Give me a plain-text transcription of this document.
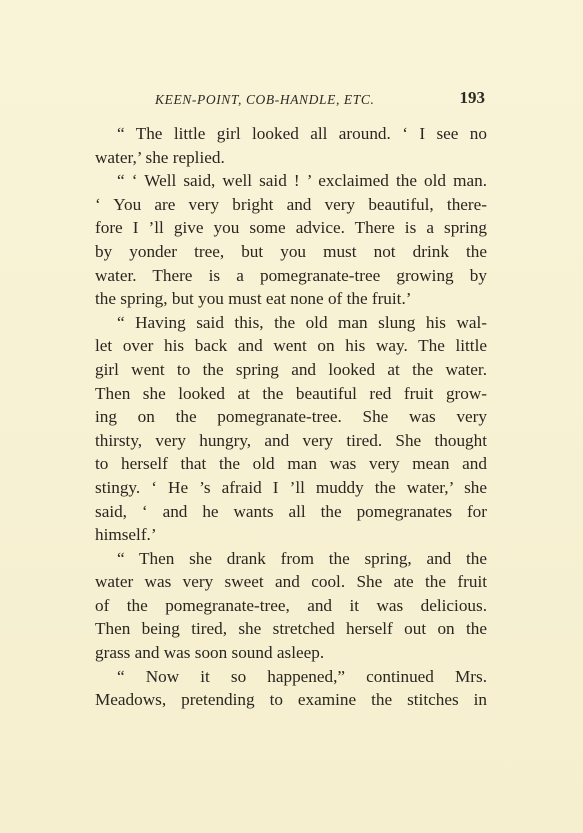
KEEN-POINT, COB-HANDLE, ETC.	193
“ The little girl looked all around. ‘ I see no
water,’ she replied.
“ ‘ Well said, well said ! ’ exclaimed the old man.
‘ You are very bright and very beautiful, there-
fore I ’ll give you some advice. There is a spring
by yonder tree, but you must not drink the
water. There is a pomegranate-tree growing by
the spring, but you must eat none of the fruit.’
“ Having said this, the old man slung his wal-
let over his back and went on his way. The little
girl went to the spring and looked at the water.
Then she looked at the beautiful red fruit grow-
ing on the pomegranate-tree. She was very
thirsty, very hungry, and very tired. She thought
to herself that the old man was very mean and
stingy. ‘ He ’s afraid I ’ll muddy the water,’ she
said, ‘ and he wants all the pomegranates for
himself.’
“ Then she drank from the spring, and the
water was very sweet and cool. She ate the fruit
of the pomegranate-tree, and it was delicious.
Then being tired, she stretched herself out on the
grass and was soon sound asleep.
“ Now it so happened,” continued Mrs.
Meadows, pretending to examine the stitches in
